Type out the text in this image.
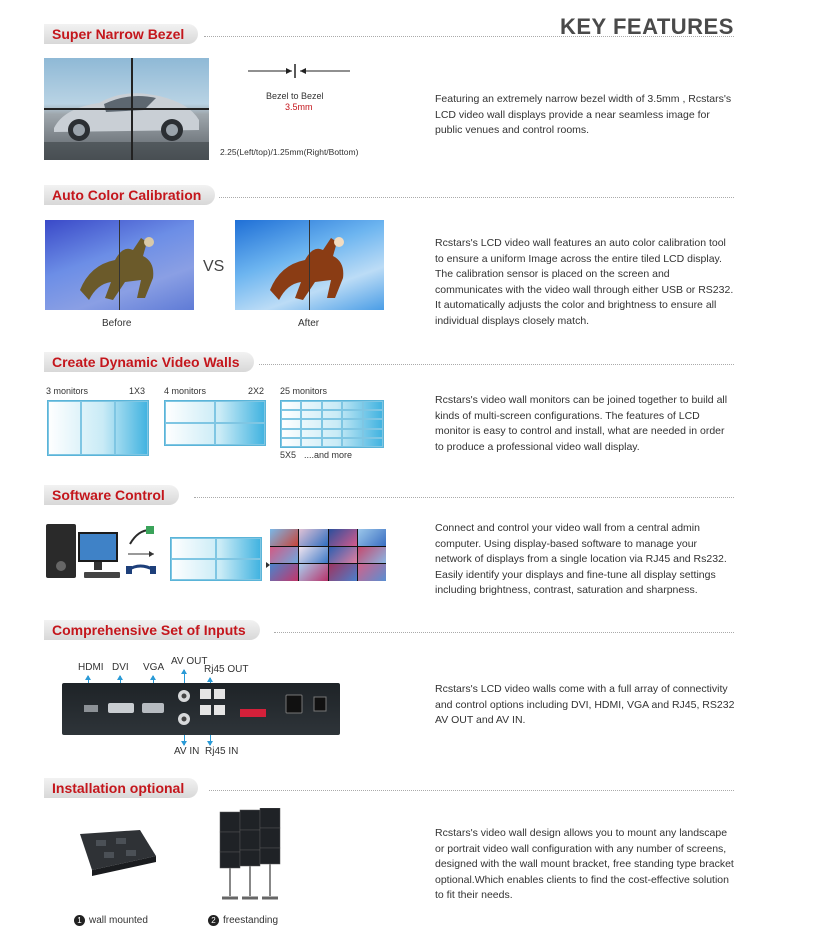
KEY FEATURES
Super Narrow Bezel
Bezel to Bezel
3.5mm
2.25(Left/top)/1.25mm(Right/Bottom)
Featuring an extremely narrow bezel width of 3.5mm , Rcstars's LCD video wall displays provide a near seamless image for public venues and control rooms.
Auto Color Calibration
VS
Before	After
Rcstars's LCD video wall features an auto color calibration tool to ensure a uniform Image across the entire tiled LCD display. The calibration sensor is placed on the screen and communicates with the video wall through either USB or RS232. It automatically adjusts the color and brightness to ensure all individual displays closely match.
Create Dynamic Video Walls
3 monitors	1X3 4 monitors	2X2 25 monitors
5X5 ....and more
Rcstars's video wall monitors can be joined together to build all kinds of multi-screen configurations. The features of LCD monitor is easy to control and install, what are needed in order to produce a professional video wall display.
Software Control
Connect and control your video wall from a central admin computer. Using display-based software to manage your network of displays from a single location via RJ45 and Rs232. Easily identify your displays and fine-tune all display settings including brightness, contrast, saturation and sharpness.
Comprehensive Set of Inputs
HDMI DVI VGA
AV OUT
Rj45 OUT
AV IN Rj45 IN
Rcstars's LCD video walls come with a full array of connectivity and control options including DVI, HDMI, VGA and RJ45, RS232 AV OUT and AV IN.
Installation optional
1 wall mounted	2 freestanding
Rcstars's video wall design allows you to mount any landscape or portrait video wall configuration with any number of screens, designed with the wall mount bracket, free standing type bracket optional.Which enables clients to find the cost-effective solution to fit their needs.
